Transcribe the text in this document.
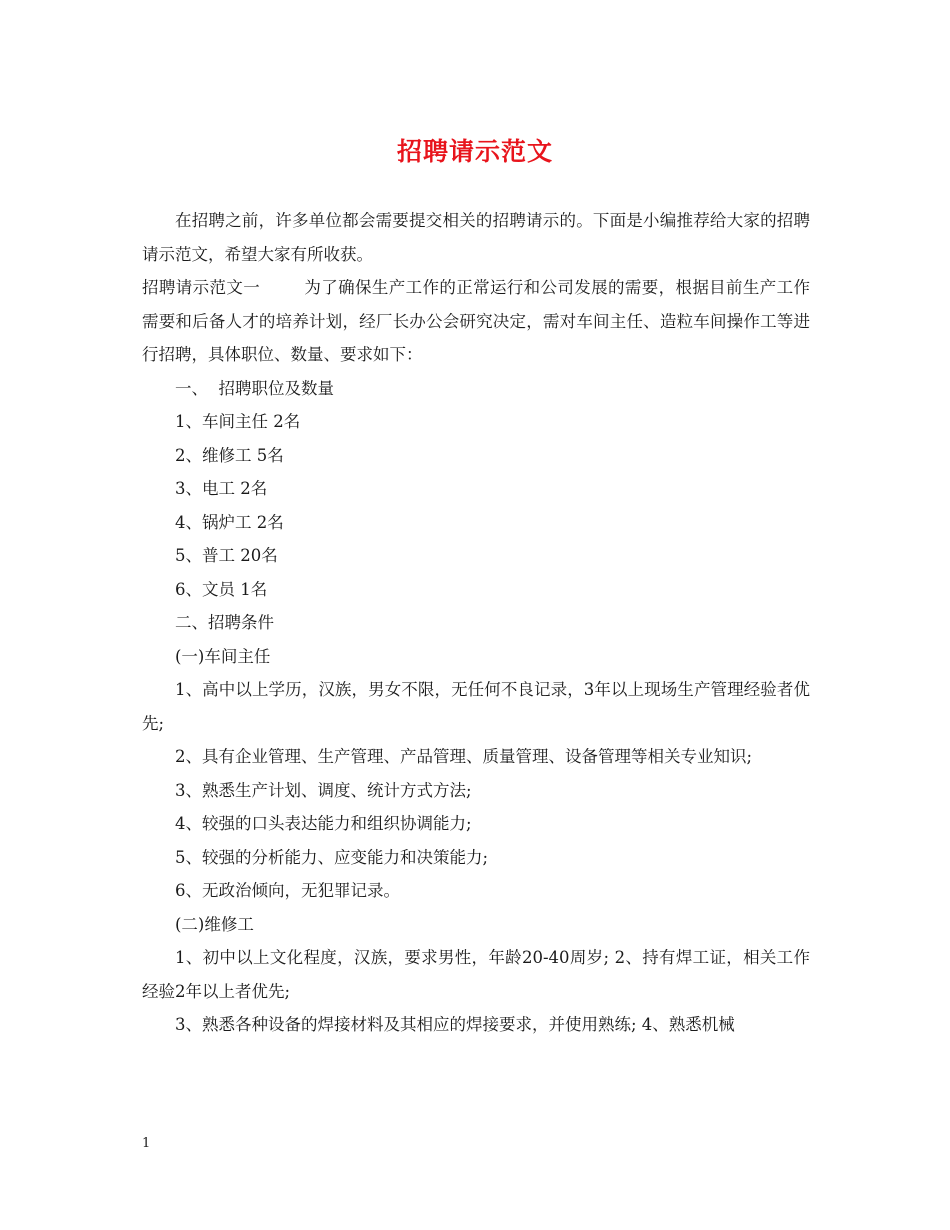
招聘请示范文

在招聘之前，许多单位都会需要提交相关的招聘请示的。下面是小编推荐给大家的招聘请示范文，希望大家有所收获。

招聘请示范文一	为了确保生产工作的正常运行和公司发展的需要，根据目前生产工作需要和后备人才的培养计划，经厂长办公会研究决定，需对车间主任、造粒车间操作工等进行招聘，具体职位、数量、要求如下：

一、  招聘职位及数量

1、车间主任 2名

2、维修工 5名

3、电工 2名

4、锅炉工 2名

5、普工 20名

6、文员 1名

二、招聘条件

(一)车间主任

1、高中以上学历，汉族，男女不限，无任何不良记录，3年以上现场生产管理经验者优先;

2、具有企业管理、生产管理、产品管理、质量管理、设备管理等相关专业知识;

3、熟悉生产计划、调度、统计方式方法;

4、较强的口头表达能力和组织协调能力;

5、较强的分析能力、应变能力和决策能力;

6、无政治倾向，无犯罪记录。

(二)维修工

1、初中以上文化程度，汉族，要求男性，年龄20-40周岁; 2、持有焊工证，相关工作经验2年以上者优先;

3、熟悉各种设备的焊接材料及其相应的焊接要求，并使用熟练; 4、熟悉机械

1
